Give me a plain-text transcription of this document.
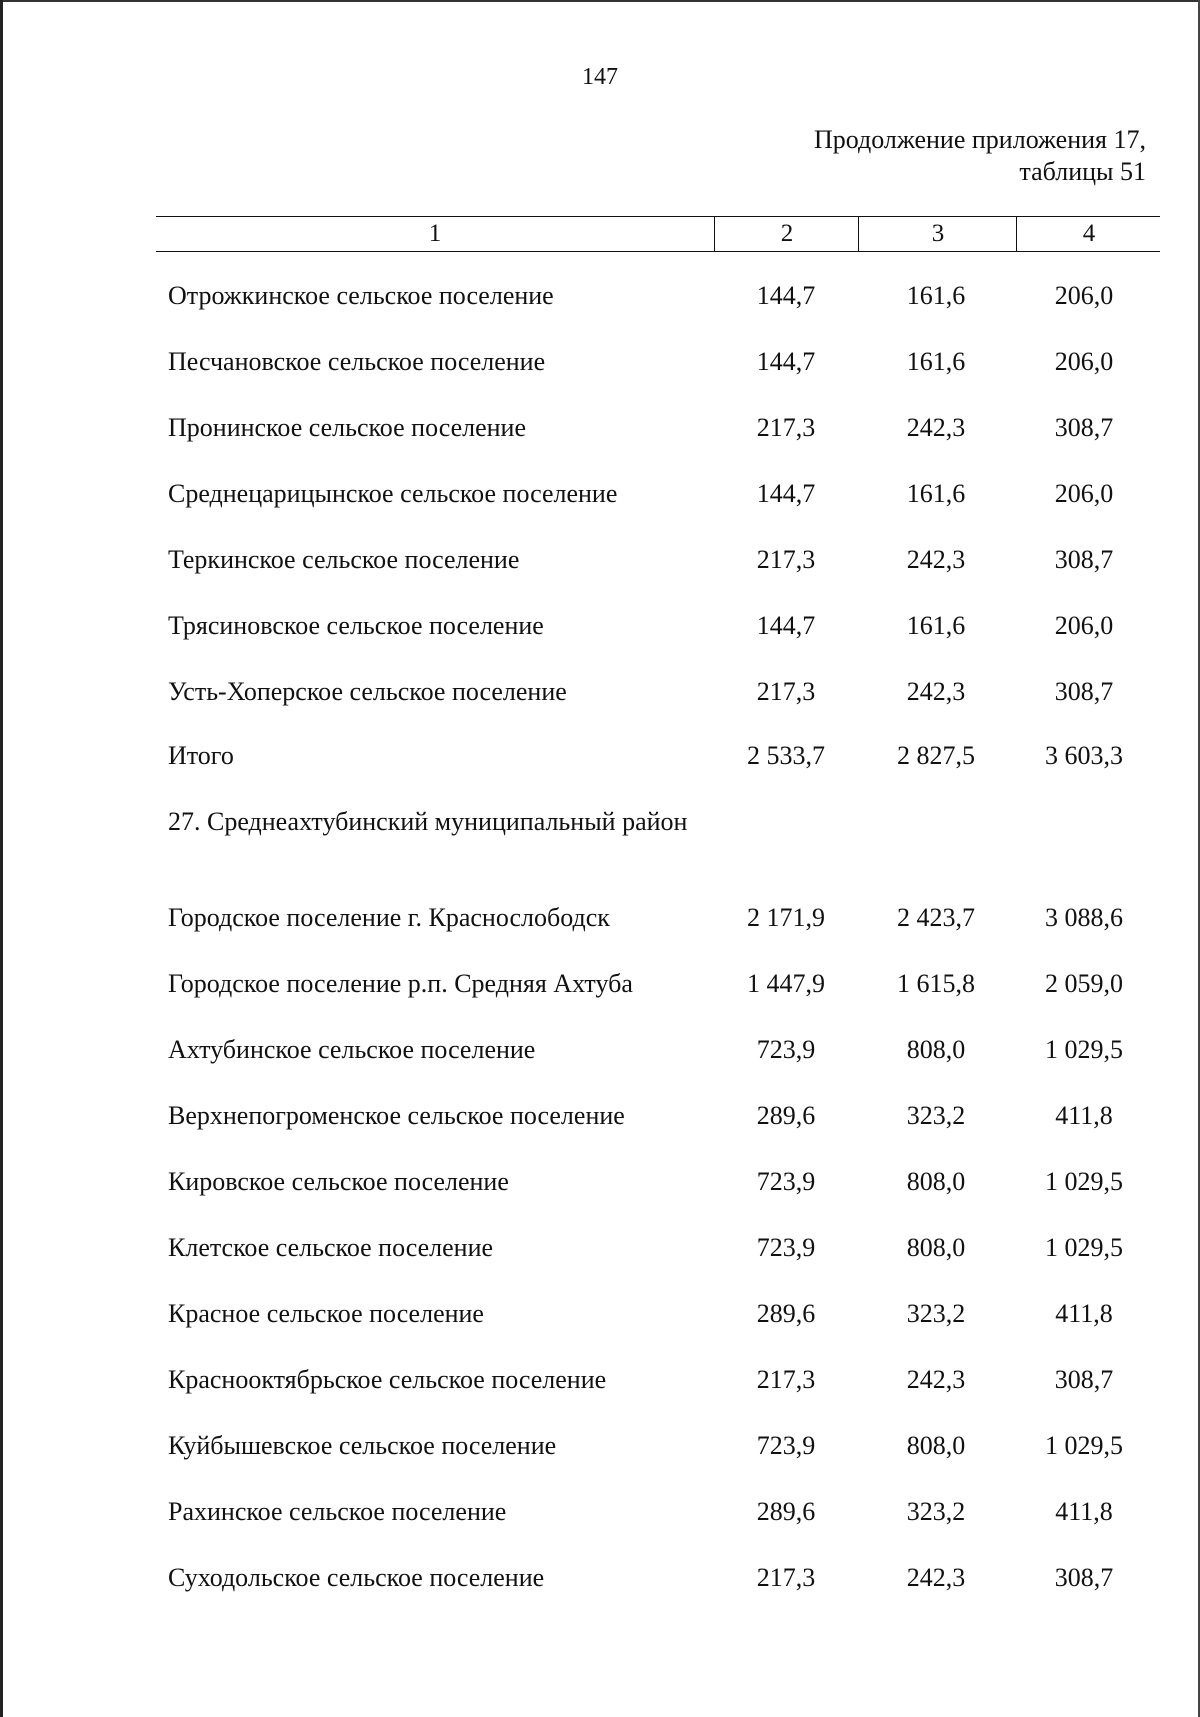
147
Продолжение приложения 17,
таблицы 51
1	2	3	4
Отрожкинское сельское поселение	144,7	161,6	206,0
Песчановское сельское поселение	144,7	161,6	206,0
Пронинское сельское поселение	217,3	242,3	308,7
Среднецарицынское сельское поселение	144,7	161,6	206,0
Теркинское сельское поселение	217,3	242,3	308,7
Трясиновское сельское поселение	144,7	161,6	206,0
Усть-Хоперское сельское поселение	217,3	242,3	308,7
Итого	2 533,7	2 827,5	3 603,3
27. Среднеахтубинский муниципальный район
Городское поселение г. Краснослободск	2 171,9	2 423,7	3 088,6
Городское поселение р.п. Средняя Ахтуба	1 447,9	1 615,8	2 059,0
Ахтубинское сельское поселение	723,9	808,0	1 029,5
Верхнепогроменское сельское поселение	289,6	323,2	411,8
Кировское сельское поселение	723,9	808,0	1 029,5
Клетское сельское поселение	723,9	808,0	1 029,5
Красное сельское поселение	289,6	323,2	411,8
Краснооктябрьское сельское поселение	217,3	242,3	308,7
Куйбышевское сельское поселение	723,9	808,0	1 029,5
Рахинское сельское поселение	289,6	323,2	411,8
Суходольское сельское поселение	217,3	242,3	308,7
